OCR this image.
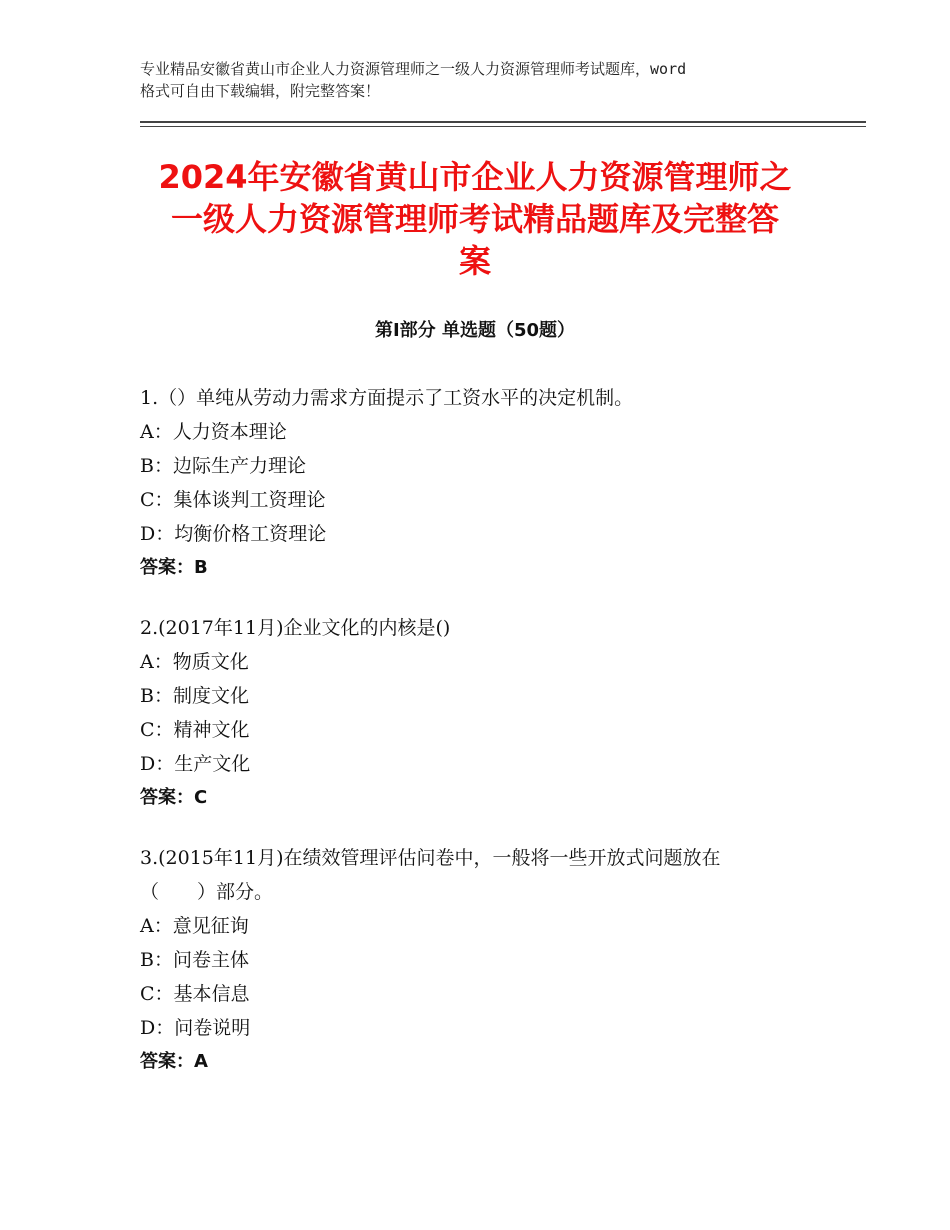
专业精品安徽省黄山市企业人力资源管理师之一级人力资源管理师考试题库，word
格式可自由下载编辑，附完整答案！
2024年安徽省黄山市企业人力资源管理师之
一级人力资源管理师考试精品题库及完整答
案
第Ⅰ部分 单选题（50题）
1.（）单纯从劳动力需求方面提示了工资水平的决定机制。
A：人力资本理论
B：边际生产力理论
C：集体谈判工资理论
D：均衡价格工资理论
答案：B
2.(2017年11月)企业文化的内核是()
A：物质文化
B：制度文化
C：精神文化
D：生产文化
答案：C
3.(2015年11月)在绩效管理评估问卷中，一般将一些开放式问题放在
（　　）部分。
A：意见征询
B：问卷主体
C：基本信息
D：问卷说明
答案：A
